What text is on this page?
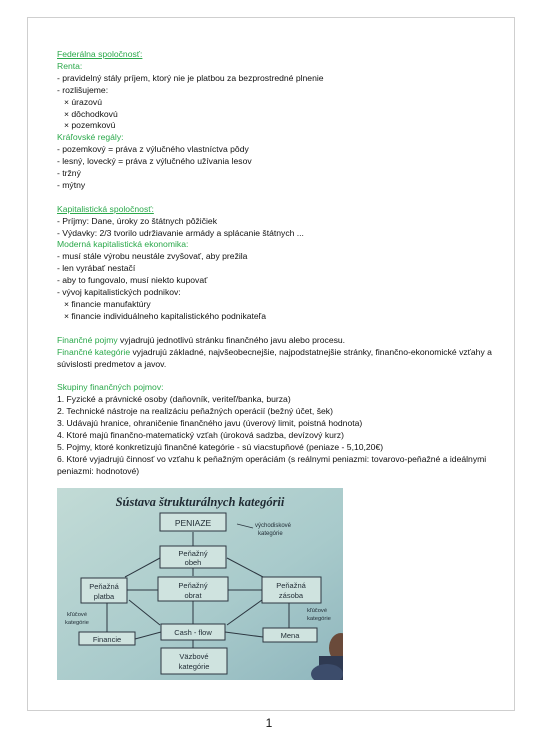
Federálna spoločnosť:
Renta:
- pravidelný stály príjem, ktorý nie je platbou za bezprostredné plnenie
- rozlišujeme:
× úrazovú
× dôchodkovú
× pozemkovú
Kráľovské regály:
- pozemkový = práva z výlučného vlastníctva pôdy
- lesný, lovecký = práva z výlučného užívania lesov
- tržný
- mýtny
Kapitalistická spoločnosť:
- Príjmy: Dane, úroky zo štátnych pôžičiek
- Výdavky: 2/3 tvorilo udržiavanie armády a splácanie štátnych ...
Moderná kapitalistická ekonomika:
- musí stále výrobu neustále zvyšovať, aby prežila
- len vyrábať nestačí
- aby to fungovalo, musí niekto kupovať
- vývoj kapitalistických podnikov:
× financie manufaktúry
× financie individuálneho kapitalistického podnikateľa
Finančné pojmy vyjadrujú jednotlivú stránku finančného javu alebo procesu.
Finančné kategórie vyjadrujú základné, najvšeobecnejšie, najpodstatnejšie stránky, finančno-ekonomické vzťahy a súvislosti predmetov a javov.
Skupiny finančných pojmov:
1. Fyzické a právnické osoby (daňovník, veriteľ/banka, burza)
2. Technické nástroje na realizáciu peňažných operácií (bežný účet, šek)
3. Udávajú hranice, ohraničenie finančného javu (úverový limit, poistná hodnota)
4. Ktoré majú finančno-matematický vzťah (úroková sadzba, devízový kurz)
5. Pojmy, ktoré konkretizujú finančné kategórie - sú viacstupňové (peniaze - 5,10,20€)
6. Ktoré vyjadrujú činnosť vo vzťahu k peňažným operáciám (s reálnymi peniazmi: tovarovo-peňažné a ideálnymi peniazmi: hodnotové)
Sústava štrukturálnych kategórii
PENIAZE
Peňažný
obeh
Peňažný
obrat
Peňažná
platba
Peňažná
zásoba
Financie
Cash - flow	Mena
Väzbové
kategórie
východiskové
kategórie
kľúčové
kategórie
kľúčové
kategórie
1
